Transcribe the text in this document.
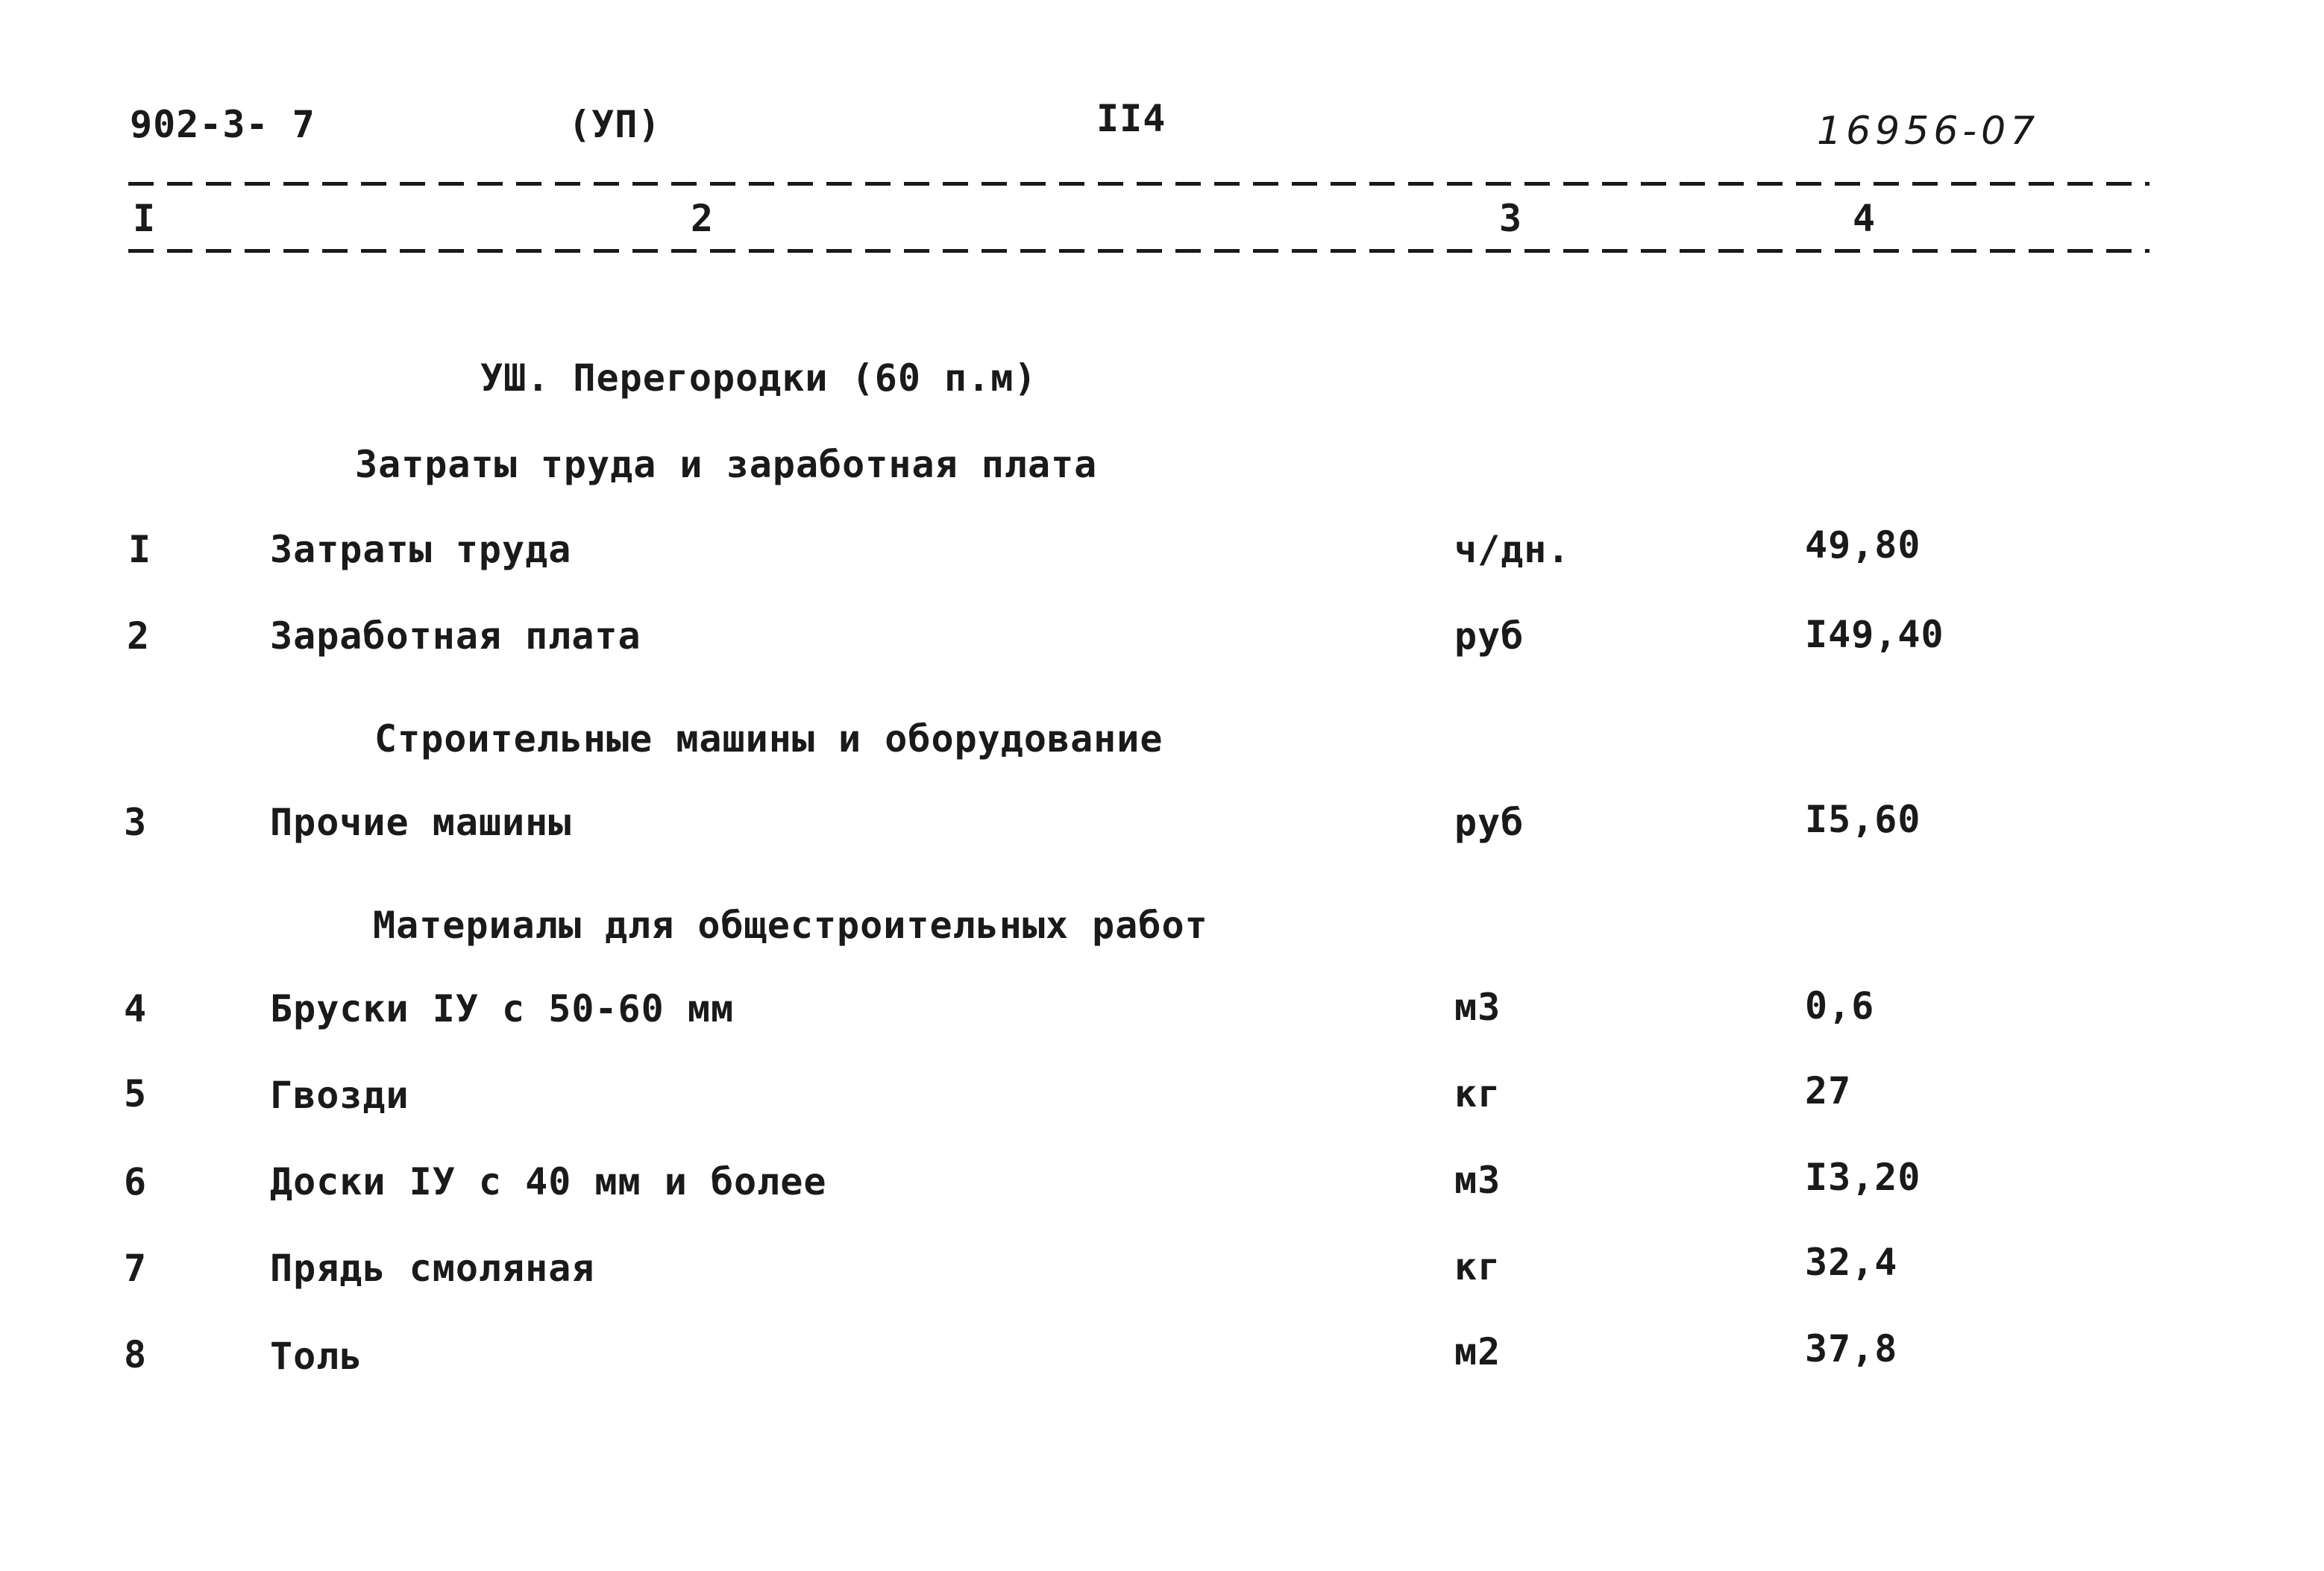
902-3- 7	(УП)	II4	16956-07
I	2	3	4
УШ. Перегородки (60 п.м)
Затраты труда и заработная плата
I	Затраты труда	ч/дн.	49,80
2	Заработная плата	руб	I49,40
Строительные машины и оборудование
3	Прочие машины	руб	I5,60
Материалы для общестроительных работ
4	Бруски IУ с 50-60 мм	м3	0,6
5	Гвозди	кг	27
6	Доски IУ с 40 мм и более	м3	I3,20
7	Прядь смоляная	кг	32,4
8	Толь	м2	37,8
